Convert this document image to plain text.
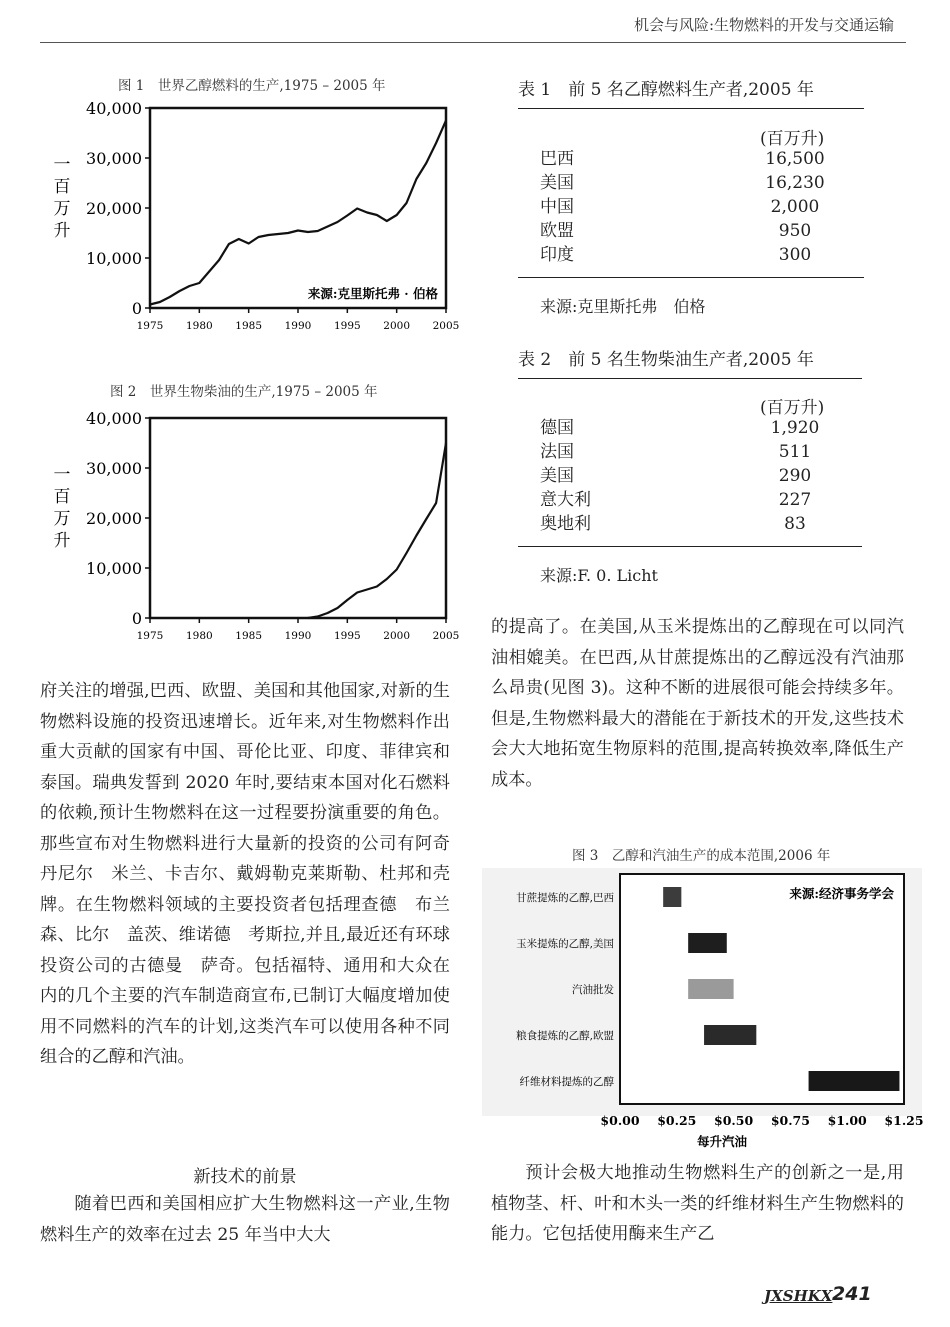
机会与风险:生物燃料的开发与交通运输
图 1　世界乙醇燃料的生产,1975 – 2005 年
40,000
30,000
20,000
10,000
0
1975 1980 1985 1990 1995 2000 2005
一
百
万
升
来源:克里斯托弗 · 伯格
图 2　世界生物柴油的生产,1975 – 2005 年
40,000
30,000
20,000
10,000
0
1975 1980 1985 1990 1995 2000 2005
一
百
万
升
表 1　前 5 名乙醇燃料生产者,2005 年
(百万升)
巴西	16,500
美国	16,230
中国	2,000
欧盟	950
印度	300
来源:克里斯托弗　伯格
表 2　前 5 名生物柴油生产者,2005 年
(百万升)
德国	1,920
法国	511
美国	290
意大利	227
奥地利	83
来源:F. 0. Licht

的提高了。在美国,从玉米提炼出的乙醇现在可以同汽油相媲美。在巴西,从甘蔗提炼出的乙醇远没有汽油那么昂贵(见图 3)。这种不断的进展很可能会持续多年。但是,生物燃料最大的潜能在于新技术的开发,这些技术会大大地拓宽生物原料的范围,提高转换效率,降低生产成本。

图 3　乙醇和汽油生产的成本范围,2006 年
甘蔗提炼的乙醇,巴西
玉米提炼的乙醇,美国
汽油批发
粮食提炼的乙醇,欧盟
纤维材料提炼的乙醇
$0.00 $0.25 $0.50 $0.75 $1.00 $1.25
每升汽油
来源:经济事务学会

预计会极大地推动生物燃料生产的创新之一是,用植物茎、杆、叶和木头一类的纤维材料生产生物燃料的能力。它包括使用酶来生产乙

府关注的增强,巴西、欧盟、美国和其他国家,对新的生物燃料设施的投资迅速增长。近年来,对生物燃料作出重大贡献的国家有中国、哥伦比亚、印度、菲律宾和泰国。瑞典发誓到 2020 年时,要结束本国对化石燃料的依赖,预计生物燃料在这一过程要扮演重要的角色。那些宣布对生物燃料进行大量新的投资的公司有阿奇　丹尼尔　米兰、卡吉尔、戴姆勒克莱斯勒、杜邦和壳牌。在生物燃料领域的主要投资者包括理查德　布兰森、比尔　盖茨、维诺德　考斯拉,并且,最近还有环球投资公司的古德曼　萨奇。包括福特、通用和大众在内的几个主要的汽车制造商宣布,已制订大幅度增加使用不同燃料的汽车的计划,这类汽车可以使用各种不同组合的乙醇和汽油。

新技术的前景

随着巴西和美国相应扩大生物燃料这一产业,生物燃料生产的效率在过去 25 年当中大大

JXSHKX 241
